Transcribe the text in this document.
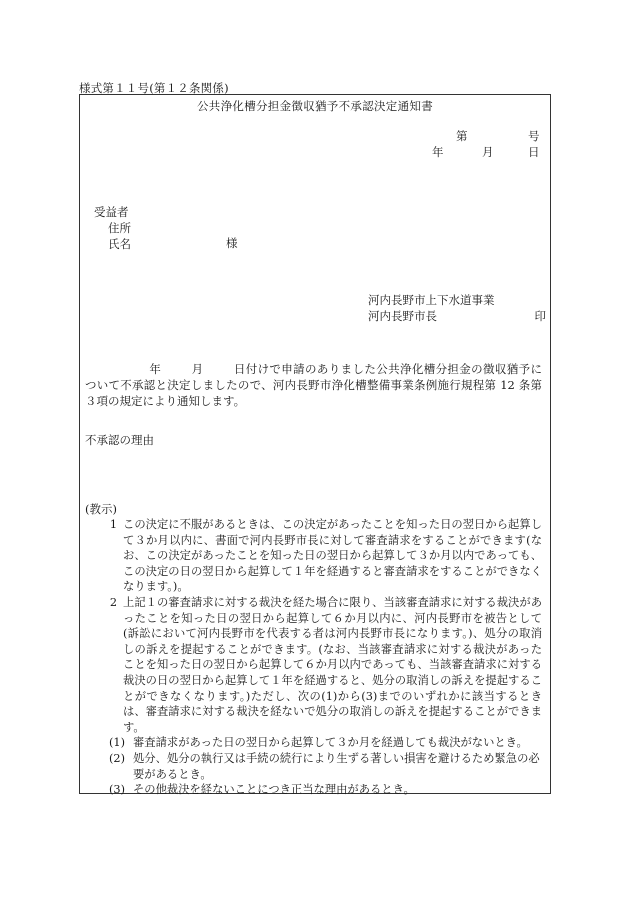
様式第１１号(第１２条関係)
公共浄化槽分担金徴収猶予不承認決定通知書
第	号
年	月	日
受益者
住所
氏名	様
河内長野市上下水道事業
河内長野市長	印
年	月	日付けで申請のありました公共浄化槽分担金の徴収猶予について不承認と決定しましたので、河内長野市浄化槽整備事業条例施行規程第 12 条第３項の規定により通知します。
不承認の理由
(教示)
1 この決定に不服があるときは、この決定があったことを知った日の翌日から起算して３か月以内に、書面で河内長野市長に対して審査請求をすることができます(なお、この決定があったことを知った日の翌日から起算して３か月以内であっても、この決定の日の翌日から起算して１年を経過すると審査請求をすることができなくなります。)。
2 上記１の審査請求に対する裁決を経た場合に限り、当該審査請求に対する裁決があったことを知った日の翌日から起算して６か月以内に、河内長野市を被告として(訴訟において河内長野市を代表する者は河内長野市長になります。)、処分の取消しの訴えを提起することができます。(なお、当該審査請求に対する裁決があったことを知った日の翌日から起算して６か月以内であっても、当該審査請求に対する裁決の日の翌日から起算して１年を経過すると、処分の取消しの訴えを提起することができなくなります。)ただし、次の(1)から(3)までのいずれかに該当するときは、審査請求に対する裁決を経ないで処分の取消しの訴えを提起することができます。
(1) 審査請求があった日の翌日から起算して３か月を経過しても裁決がないとき。
(2) 処分、処分の執行又は手続の続行により生ずる著しい損害を避けるため緊急の必要があるとき。
(3) その他裁決を経ないことにつき正当な理由があるとき。
